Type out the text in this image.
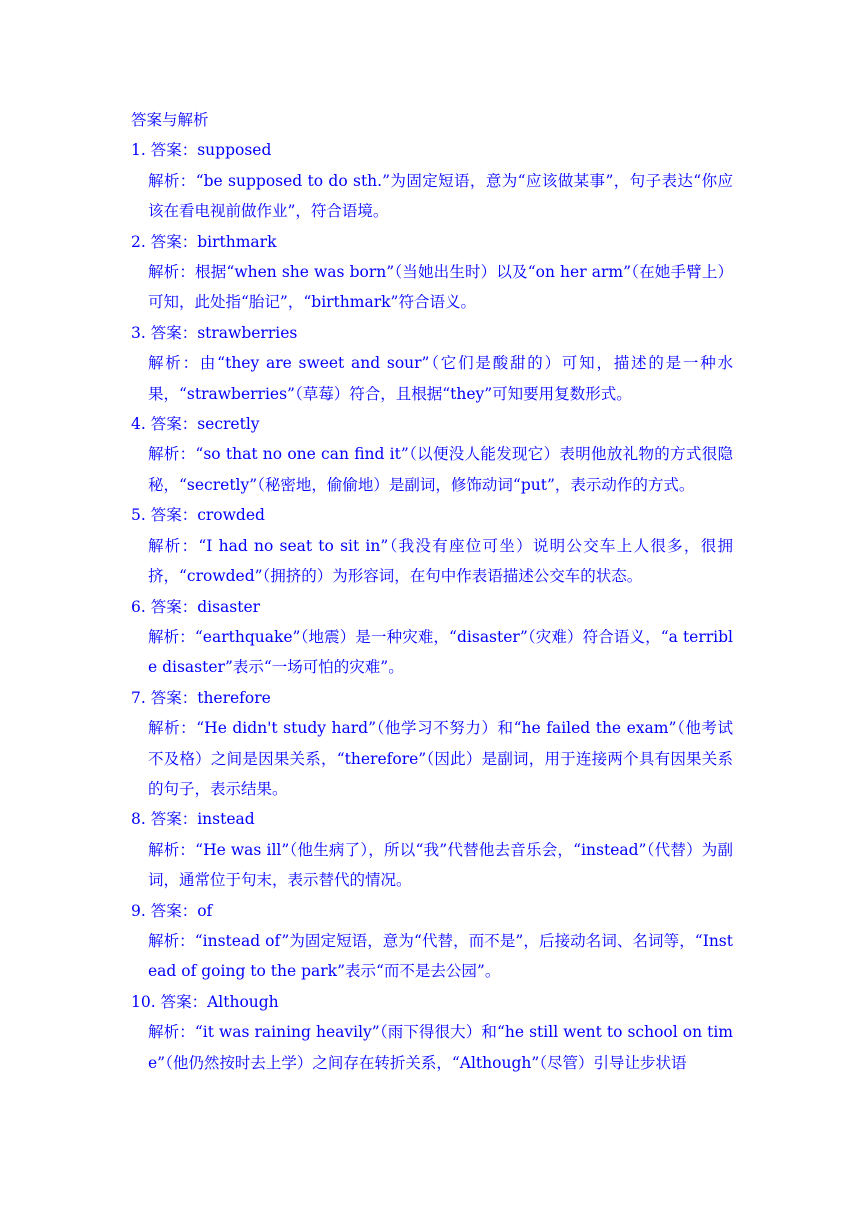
答案与解析

1. 答案：supposed

解析：“be supposed to do sth.”为固定短语，意为“应该做某事”，句子表达“你应该在看电视前做作业”，符合语境。

2. 答案：birthmark

解析：根据“when she was born”（当她出生时）以及“on her arm”（在她手臂上）可知，此处指“胎记”，“birthmark”符合语义。

3. 答案：strawberries

解析：由“they are sweet and sour”（它们是酸甜的）可知，描述的是一种水果，“strawberries”（草莓）符合，且根据“they”可知要用复数形式。

4. 答案：secretly

解析：“so that no one can find it”（以便没人能发现它）表明他放礼物的方式很隐秘，“secretly”（秘密地，偷偷地）是副词，修饰动词“put”，表示动作的方式。

5. 答案：crowded

解析：“I had no seat to sit in”（我没有座位可坐）说明公交车上人很多，很拥挤，“crowded”（拥挤的）为形容词，在句中作表语描述公交车的状态。

6. 答案：disaster

解析：“earthquake”（地震）是一种灾难，“disaster”（灾难）符合语义，“a terrible disaster”表示“一场可怕的灾难”。

7. 答案：therefore

解析：“He didn't study hard”（他学习不努力）和“he failed the exam”（他考试不及格）之间是因果关系，“therefore”（因此）是副词，用于连接两个具有因果关系的句子，表示结果。

8. 答案：instead

解析：“He was ill”（他生病了），所以“我”代替他去音乐会，“instead”（代替）为副词，通常位于句末，表示替代的情况。

9. 答案：of

解析：“instead of”为固定短语，意为“代替，而不是”，后接动名词、名词等，“Instead of going to the park”表示“而不是去公园”。

10. 答案：Although

解析：“it was raining heavily”（雨下得很大）和“he still went to school on time”（他仍然按时去上学）之间存在转折关系，“Although”（尽管）引导让步状语
